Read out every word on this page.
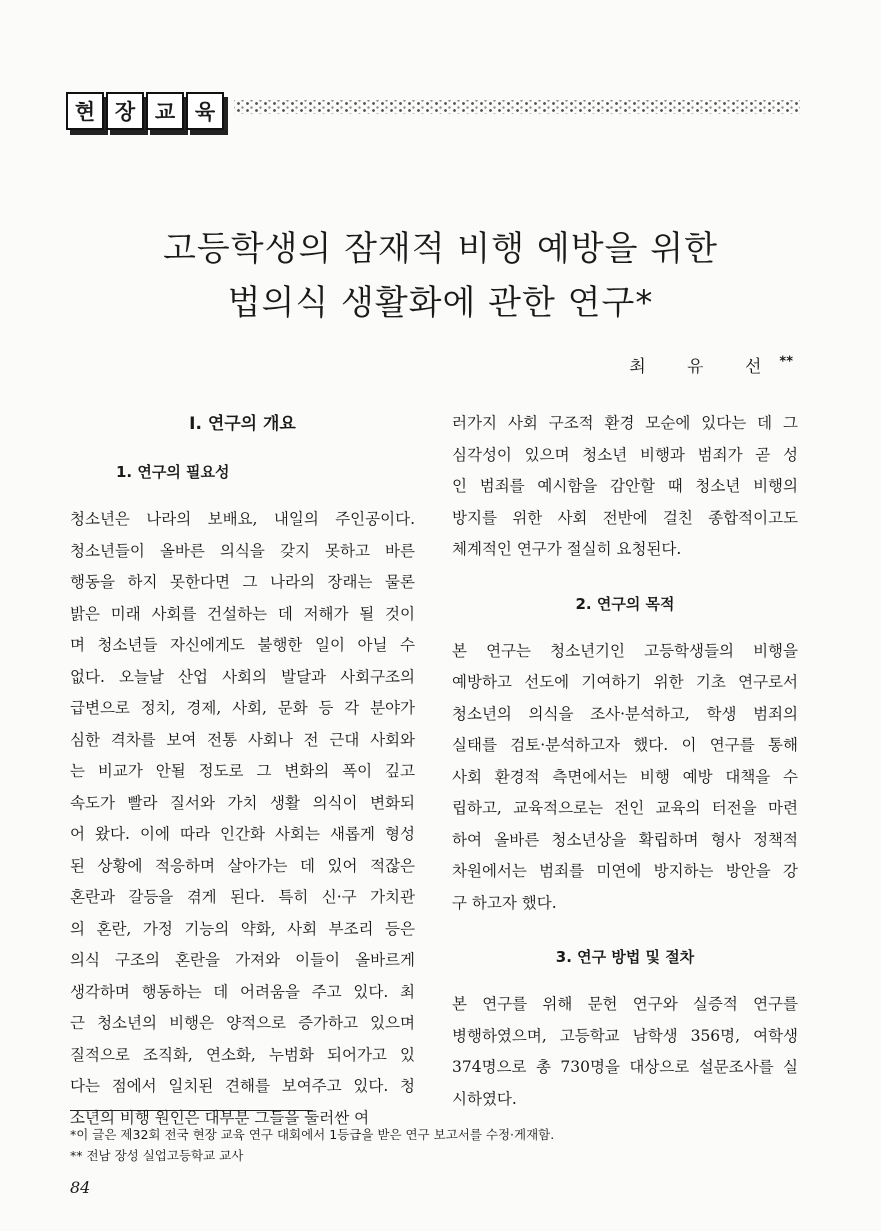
현 장 교 육
고등학생의 잠재적 비행 예방을 위한
법의식 생활화에 관한 연구*
최 유 선**
Ⅰ. 연구의 개요
1. 연구의 필요성
청소년은 나라의 보배요, 내일의 주인공이다.
청소년들이 올바른 의식을 갖지 못하고 바른
행동을 하지 못한다면 그 나라의 장래는 물론
밝은 미래 사회를 건설하는 데 저해가 될 것이
며 청소년들 자신에게도 불행한 일이 아닐 수
없다. 오늘날 산업 사회의 발달과 사회구조의
급변으로 정치, 경제, 사회, 문화 등 각 분야가
심한 격차를 보여 전통 사회나 전 근대 사회와
는 비교가 안될 정도로 그 변화의 폭이 깊고
속도가 빨라 질서와 가치 생활 의식이 변화되
어 왔다. 이에 따라 인간화 사회는 새롭게 형성
된 상황에 적응하며 살아가는 데 있어 적잖은
혼란과 갈등을 겪게 된다. 특히 신·구 가치관
의 혼란, 가정 기능의 약화, 사회 부조리 등은
의식 구조의 혼란을 가져와 이들이 올바르게
생각하며 행동하는 데 어려움을 주고 있다. 최
근 청소년의 비행은 양적으로 증가하고 있으며
질적으로 조직화, 연소화, 누범화 되어가고 있
다는 점에서 일치된 견해를 보여주고 있다. 청
소년의 비행 원인은 대부분 그들을 둘러싼 여
러가지 사회 구조적 환경 모순에 있다는 데 그
심각성이 있으며 청소년 비행과 범죄가 곧 성
인 범죄를 예시함을 감안할 때 청소년 비행의
방지를 위한 사회 전반에 걸친 종합적이고도
체계적인 연구가 절실히 요청된다.
2. 연구의 목적
본 연구는 청소년기인 고등학생들의 비행을
예방하고 선도에 기여하기 위한 기초 연구로서
청소년의 의식을 조사·분석하고, 학생 범죄의
실태를 검토·분석하고자 했다. 이 연구를 통해
사회 환경적 측면에서는 비행 예방 대책을 수
립하고, 교육적으로는 전인 교육의 터전을 마련
하여 올바른 청소년상을 확립하며 형사 정책적
차원에서는 범죄를 미연에 방지하는 방안을 강
구 하고자 했다.
3. 연구 방법 및 절차
본 연구를 위해 문헌 연구와 실증적 연구를
병행하였으며, 고등학교 남학생 356명, 여학생
374명으로 총 730명을 대상으로 설문조사를 실
시하였다.
*이 글은 제32회 전국 현장 교육 연구 대회에서 1등급을 받은 연구 보고서를 수정·게재함.
** 전남 장성 실업고등학교 교사
84
